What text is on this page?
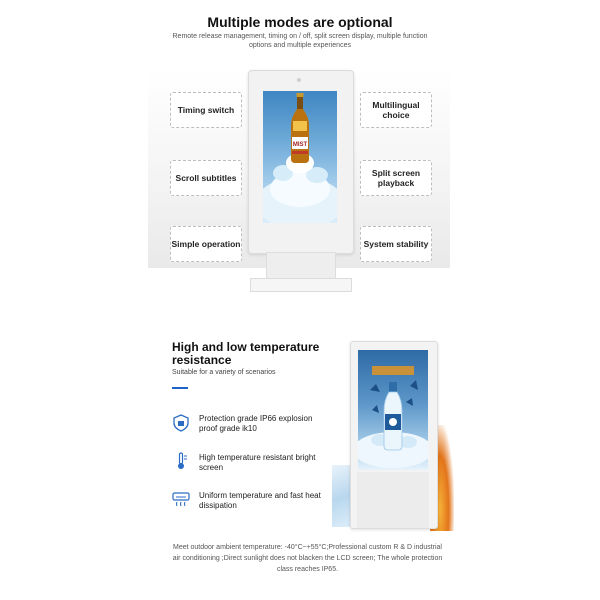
Multiple modes are optional
Remote release management, timing on / off, split screen display, multiple function options and multiple experiences
MIST
Timing switch
Scroll subtitles
Simple operation
Multilingual choice
Split screen playback
System stability
High and low temperature resistance
Suitable for a variety of scenarios
Protection grade IP66 explosion proof grade ik10
High temperature resistant bright screen
Uniform temperature and fast heat dissipation
Meet outdoor ambient temperature: -40°C~+55°C;Professional custom R & D industrial air conditioning ;Direct sunlight does not blacken the LCD screen; The whole protection class reaches IP65.
